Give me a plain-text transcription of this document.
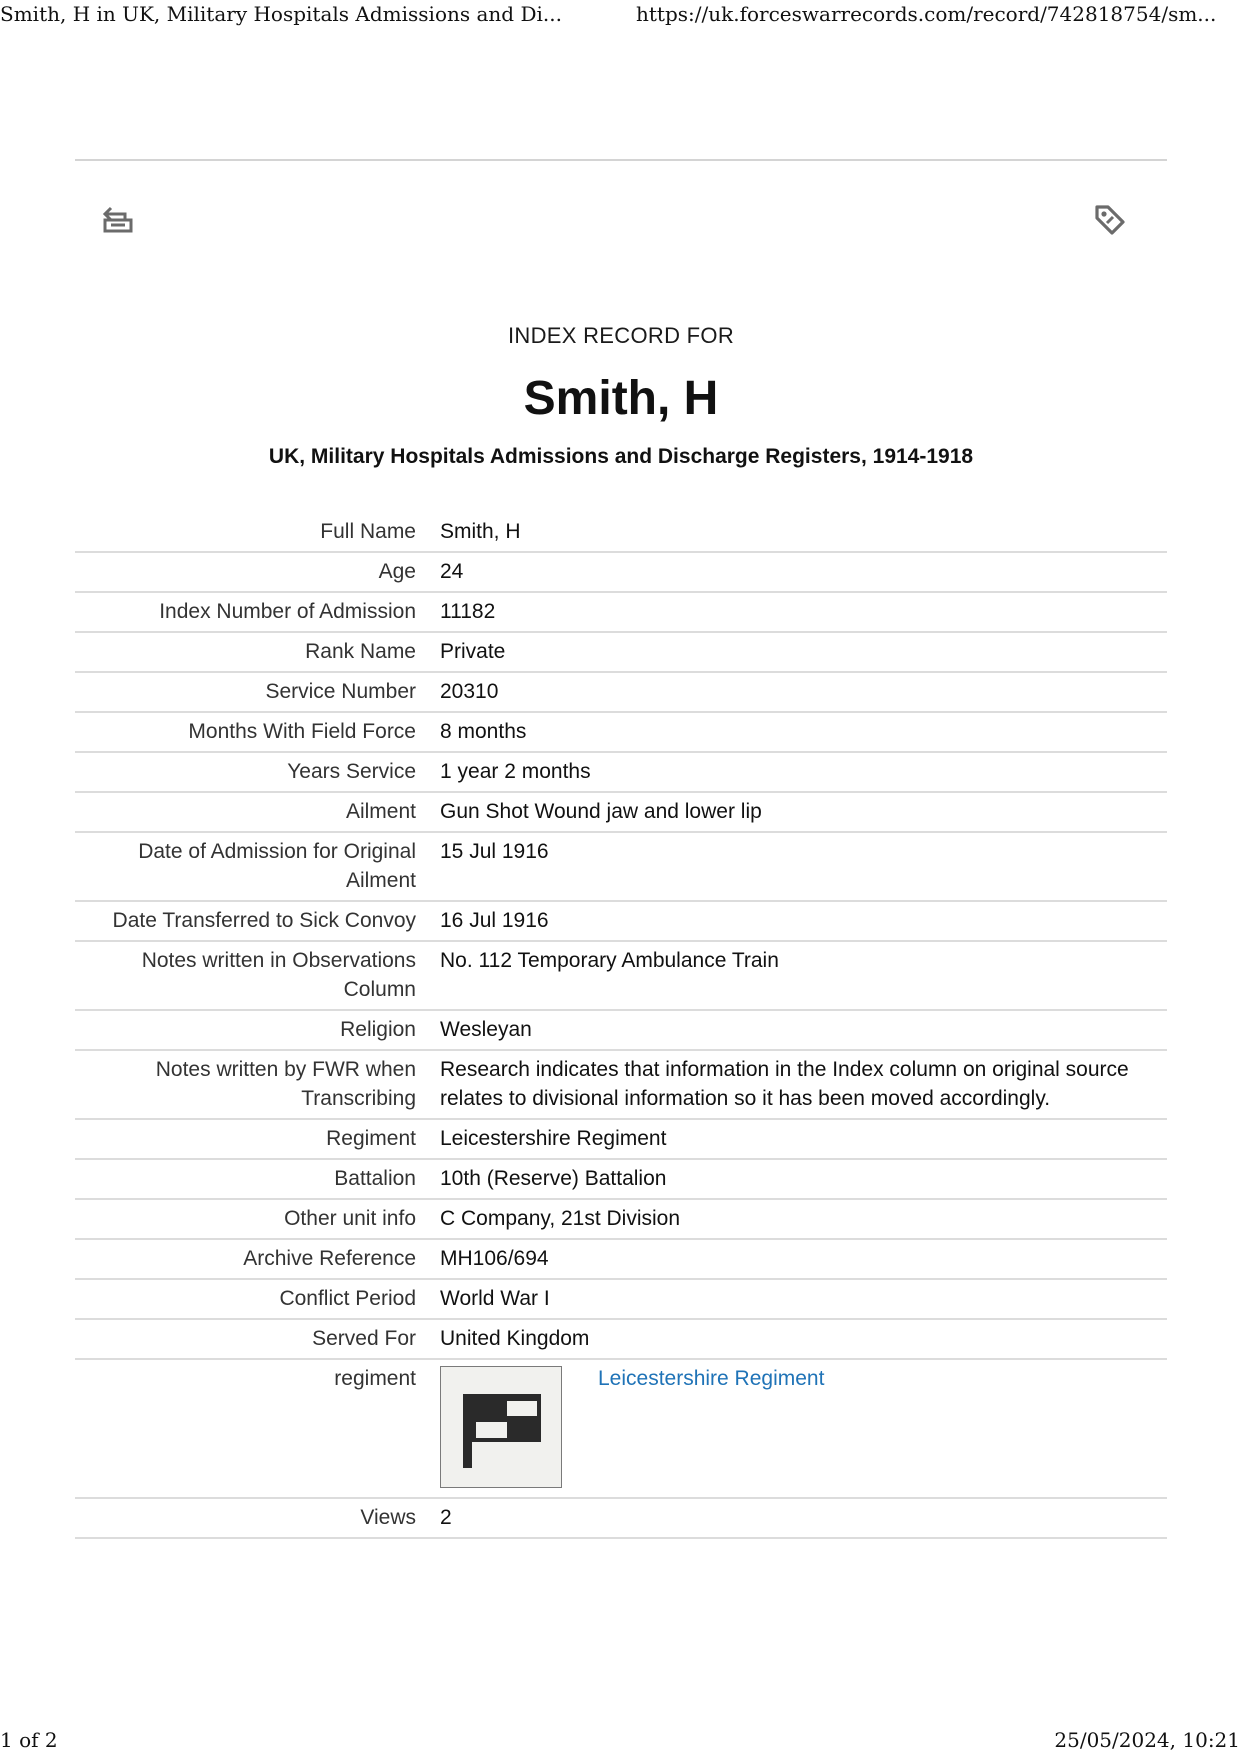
Smith, H in UK, Military Hospitals Admissions and Di...	https://uk.forceswarrecords.com/record/742818754/sm...
INDEX RECORD FOR
Smith, H
UK, Military Hospitals Admissions and Discharge Registers, 1914-1918
Full Name	Smith, H
Age	24
Index Number of Admission	11182
Rank Name	Private
Service Number	20310
Months With Field Force	8 months
Years Service	1 year 2 months
Ailment	Gun Shot Wound jaw and lower lip
Date of Admission for Original Ailment	15 Jul 1916
Date Transferred to Sick Convoy	16 Jul 1916
Notes written in Observations Column	No. 112 Temporary Ambulance Train
Religion	Wesleyan
Notes written by FWR when Transcribing	Research indicates that information in the Index column on original source relates to divisional information so it has been moved accordingly.
Regiment	Leicestershire Regiment
Battalion	10th (Reserve) Battalion
Other unit info	C Company, 21st Division
Archive Reference	MH106/694
Conflict Period	World War I
Served For	United Kingdom
regiment	Leicestershire Regiment

Views	2
1 of 2	25/05/2024, 10:21
